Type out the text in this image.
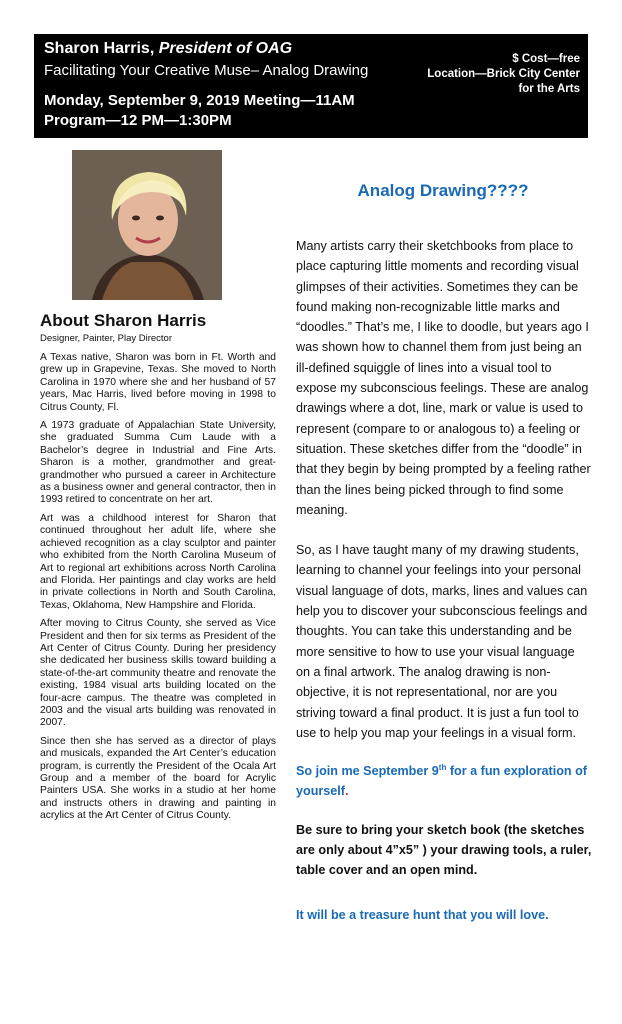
Sharon Harris, President of OAG
Facilitating Your Creative Muse– Analog Drawing
Monday, September 9, 2019 Meeting—11AM
Program—12 PM—1:30PM
$ Cost—free
Location—Brick City Center
for the Arts
About Sharon Harris
Designer, Painter, Play Director

A Texas native, Sharon was born in Ft. Worth and grew up in Grapevine, Texas. She moved to North Carolina in 1970 where she and her husband of 57 years, Mac Harris, lived before moving in 1998 to Citrus County, Fl.

A 1973 graduate of Appalachian State University, she graduated Summa Cum Laude with a Bachelor’s degree in Industrial and Fine Arts. Sharon is a mother, grandmother and great-grandmother who pursued a career in Architecture as a business owner and general contractor, then in 1993 retired to concentrate on her art.

Art was a childhood interest for Sharon that continued throughout her adult life, where she achieved recognition as a clay sculptor and painter who exhibited from the North Carolina Museum of Art to regional art exhibitions across North Carolina and Florida. Her paintings and clay works are held in private collections in North and South Carolina, Texas, Oklahoma, New Hampshire and Florida.

After moving to Citrus County, she served as Vice President and then for six terms as President of the Art Center of Citrus County. During her presidency she dedicated her business skills toward building a state-of-the-art community theatre and renovate the existing, 1984 visual arts building located on the four-acre campus. The theatre was completed in 2003 and the visual arts building was renovated in 2007.

Since then she has served as a director of plays and musicals, expanded the Art Center’s education program, is currently the President of the Ocala Art Group and a member of the board for Acrylic Painters USA. She works in a studio at her home and instructs others in drawing and painting in acrylics at the Art Center of Citrus County.

Analog Drawing????

Many artists carry their sketchbooks from place to place capturing little moments and recording visual glimpses of their activities. Sometimes they can be found making non-recognizable little marks and “doodles.” That’s me, I like to doodle, but years ago I was shown how to channel them from just being an ill-defined squiggle of lines into a visual tool to expose my subconscious feelings. These are analog drawings where a dot, line, mark or value is used to represent (compare to or analogous to) a feeling or situation. These sketches differ from the “doodle” in that they begin by being prompted by a feeling rather than the lines being picked through to find some meaning.

So, as I have taught many of my drawing students, learning to channel your feelings into your personal visual language of dots, marks, lines and values can help you to discover your subconscious feelings and thoughts. You can take this understanding and be more sensitive to how to use your visual language on a final artwork. The analog drawing is non-objective, it is not representational, nor are you striving toward a final product. It is just a fun tool to use to help you map your feelings in a visual form.

So join me September 9th for a fun exploration of yourself.

Be sure to bring your sketch book (the sketches are only about 4”x5” ) your drawing tools, a ruler, table cover and an open mind.

It will be a treasure hunt that you will love.
